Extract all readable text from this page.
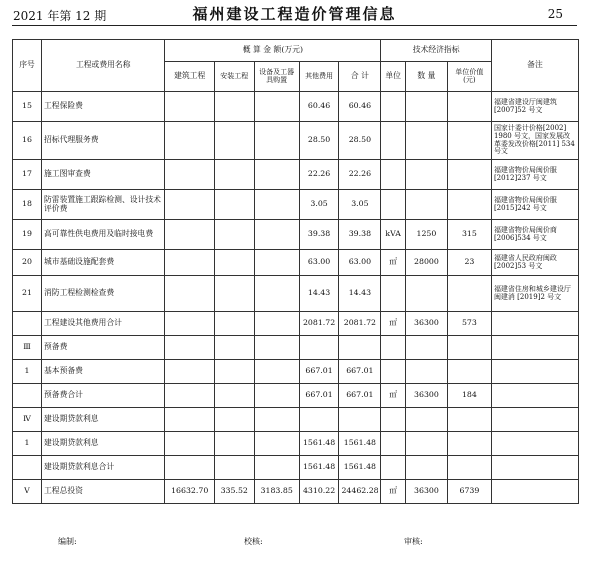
2021 年第 12 期	福州建设工程造价管理信息	25
序号	工程或费用名称	概 算 金 额(万元)					技术经济指标			备注
		建筑工程	安装工程	设备及工器具购置	其他费用	合 计	单位	数 量	单位价值(元)	
15	工程保险费				60.46	60.46				福建省建设厅闽建筑[2007]52 号文
16	招标代理服务费				28.50	28.50				国家计委计价格[2002] 1980 号文，国家发展改革委发改价格[2011] 534 号文
17	施工图审查费				22.26	22.26				福建省物价局闽价服[2012]237 号文
18	防雷装置施工跟踪检测、设计技术评价费				3.05	3.05				福建省物价局闽价服[2015]242 号文
19	高可靠性供电费用及临时接电费				39.38	39.38	kVA	1250	315	福建省物价局闽价商[2006]534 号文
20	城市基础设施配套费				63.00	63.00	㎡	28000	23	福建省人民政府闽政[2002]53 号文
21	消防工程检测检查费				14.43	14.43				福建省住房和城乡建设厅闽建消 [2019]2 号文
	工程建设其他费用合计				2081.72	2081.72	㎡	36300	573	
Ⅲ	预备费									
1	基本预备费				667.01	667.01				
	预备费合计				667.01	667.01	㎡	36300	184	
Ⅳ	建设期贷款利息									
1	建设期贷款利息				1561.48	1561.48				
	建设期贷款利息合计				1561.48	1561.48				
Ⅴ	工程总投资	16632.70	335.52	3183.85	4310.22	24462.28	㎡	36300	6739	
编制:	校核:	审核:
